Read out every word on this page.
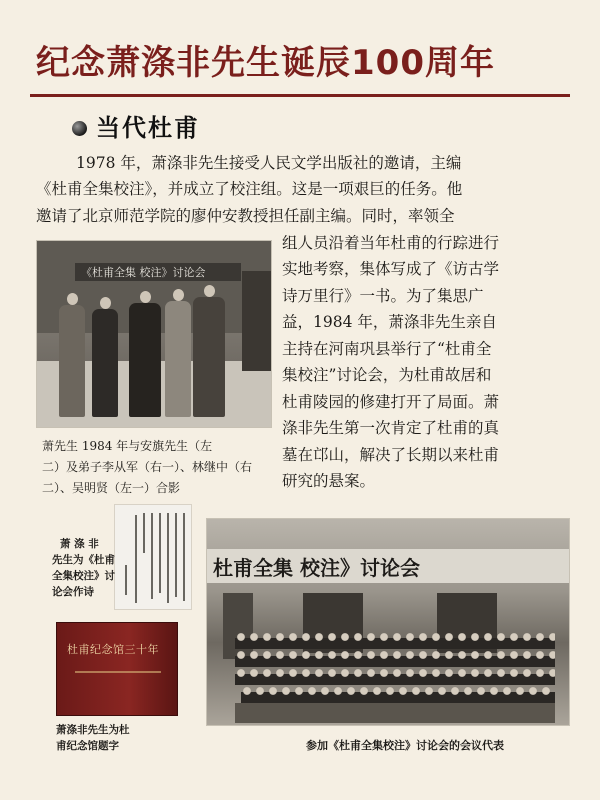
纪念萧涤非先生诞辰100周年
当代杜甫

1978 年，萧涤非先生接受人民文学出版社的邀请，主编

《杜甫全集校注》，并成立了校注组。这是一项艰巨的任务。他

邀请了北京师范学院的廖仲安教授担任副主编。同时，率领全

组人员沿着当年杜甫的行踪进行

实地考察，集体写成了《访古学

诗万里行》一书。为了集思广

益，1984 年，萧涤非先生亲自

主持在河南巩县举行了“杜甫全

集校注”讨论会，为杜甫故居和

杜甫陵园的修建打开了局面。萧

涤非先生第一次肯定了杜甫的真

墓在邙山，解决了长期以来杜甫

研究的悬案。

《杜甫全集 校注》讨论会
萧先生 1984 年与安旗先生（左
二）及弟子李从军（右一）、林继中（右
二）、吴明贤（左一）合影
萧 涤 非
先生为《杜甫
全集校注》讨
论会作诗
杜甫纪念馆三十年
萧涤非先生为杜
甫纪念馆题字
杜甫全集 校注》讨论会
参加《杜甫全集校注》讨论会的会议代表
